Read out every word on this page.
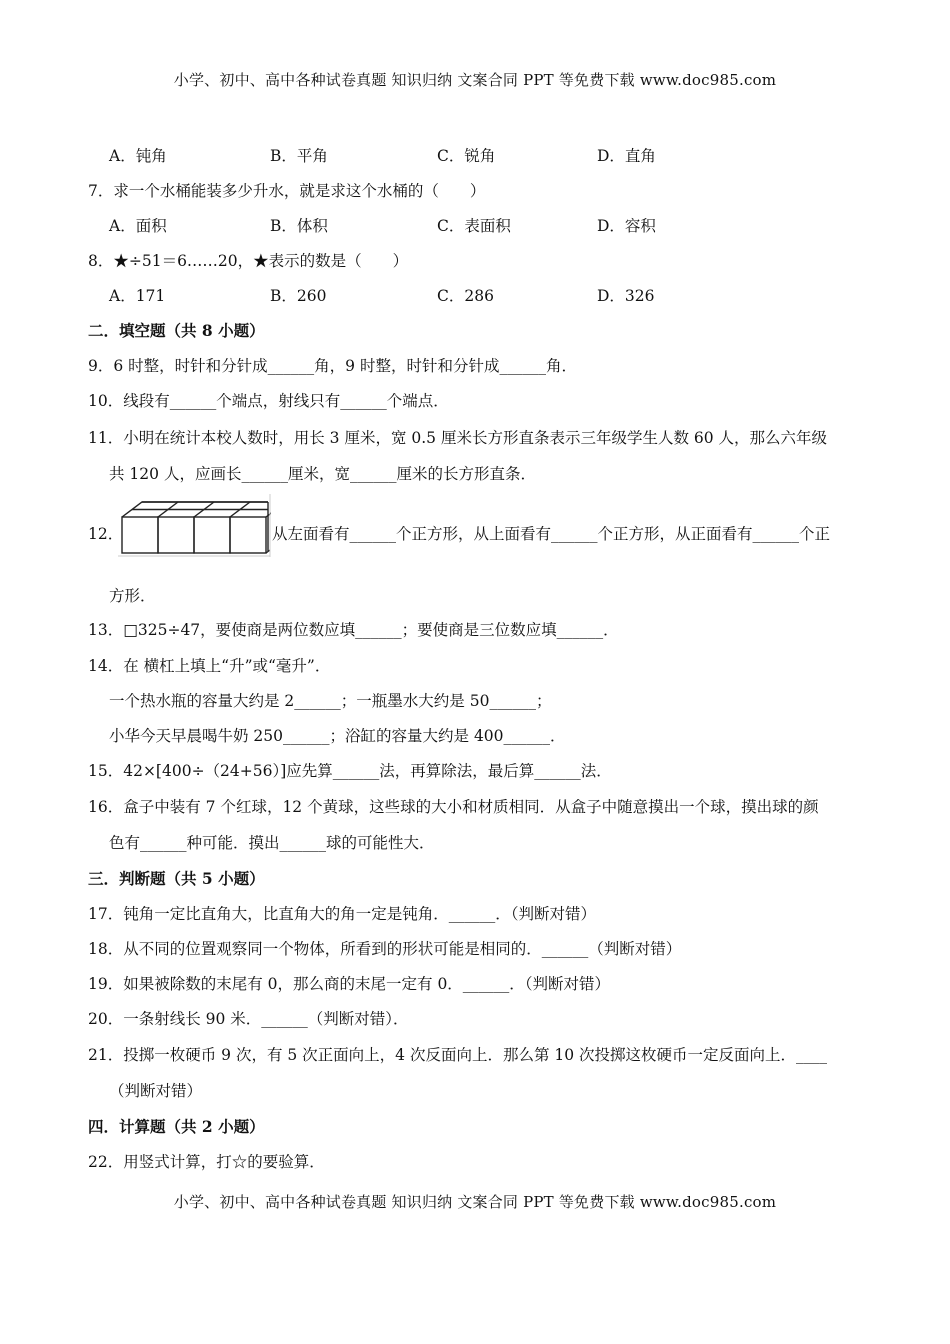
小学、初中、高中各种试卷真题 知识归纳 文案合同 PPT 等免费下载 www.doc985.com
A．钝角	B．平角	C．锐角	D．直角
7．求一个水桶能装多少升水，就是求这个水桶的（　　）
A．面积	B．体积	C．表面积	D．容积
8．★÷51＝6……20，★表示的数是（　　）
A．171	B．260	C．286	D．326
二．填空题（共 8 小题）
9．6 时整，时针和分针成______角，9 时整，时针和分针成______角．
10．线段有______个端点，射线只有______个端点．
11．小明在统计本校人数时，用长 3 厘米，宽 0.5 厘米长方形直条表示三年级学生人数 60 人，那么六年级
共 120 人，应画长______厘米，宽______厘米的长方形直条．
12．	从左面看有______个正方形，从上面看有______个正方形，从正面看有______个正
方形．
13．□325÷47，要使商是两位数应填______；要使商是三位数应填______．
14．在 横杠上填上“升”或“毫升”．
一个热水瓶的容量大约是 2______；一瓶墨水大约是 50______；
小华今天早晨喝牛奶 250______；浴缸的容量大约是 400______．
15．42×[400÷（24+56）]应先算______法，再算除法，最后算______法．
16．盒子中装有 7 个红球，12 个黄球，这些球的大小和材质相同．从盒子中随意摸出一个球，摸出球的颜
色有______种可能．摸出______球的可能性大．
三．判断题（共 5 小题）
17．钝角一定比直角大，比直角大的角一定是钝角．______．（判断对错）
18．从不同的位置观察同一个物体，所看到的形状可能是相同的．______（判断对错）
19．如果被除数的末尾有 0，那么商的末尾一定有 0．______．（判断对错）
20．一条射线长 90 米．______（判断对错）．
21．投掷一枚硬币 9 次，有 5 次正面向上，4 次反面向上．那么第 10 次投掷这枚硬币一定反面向上．____
（判断对错）
四．计算题（共 2 小题）
22．用竖式计算，打☆的要验算．
小学、初中、高中各种试卷真题 知识归纳 文案合同 PPT 等免费下载 www.doc985.com
